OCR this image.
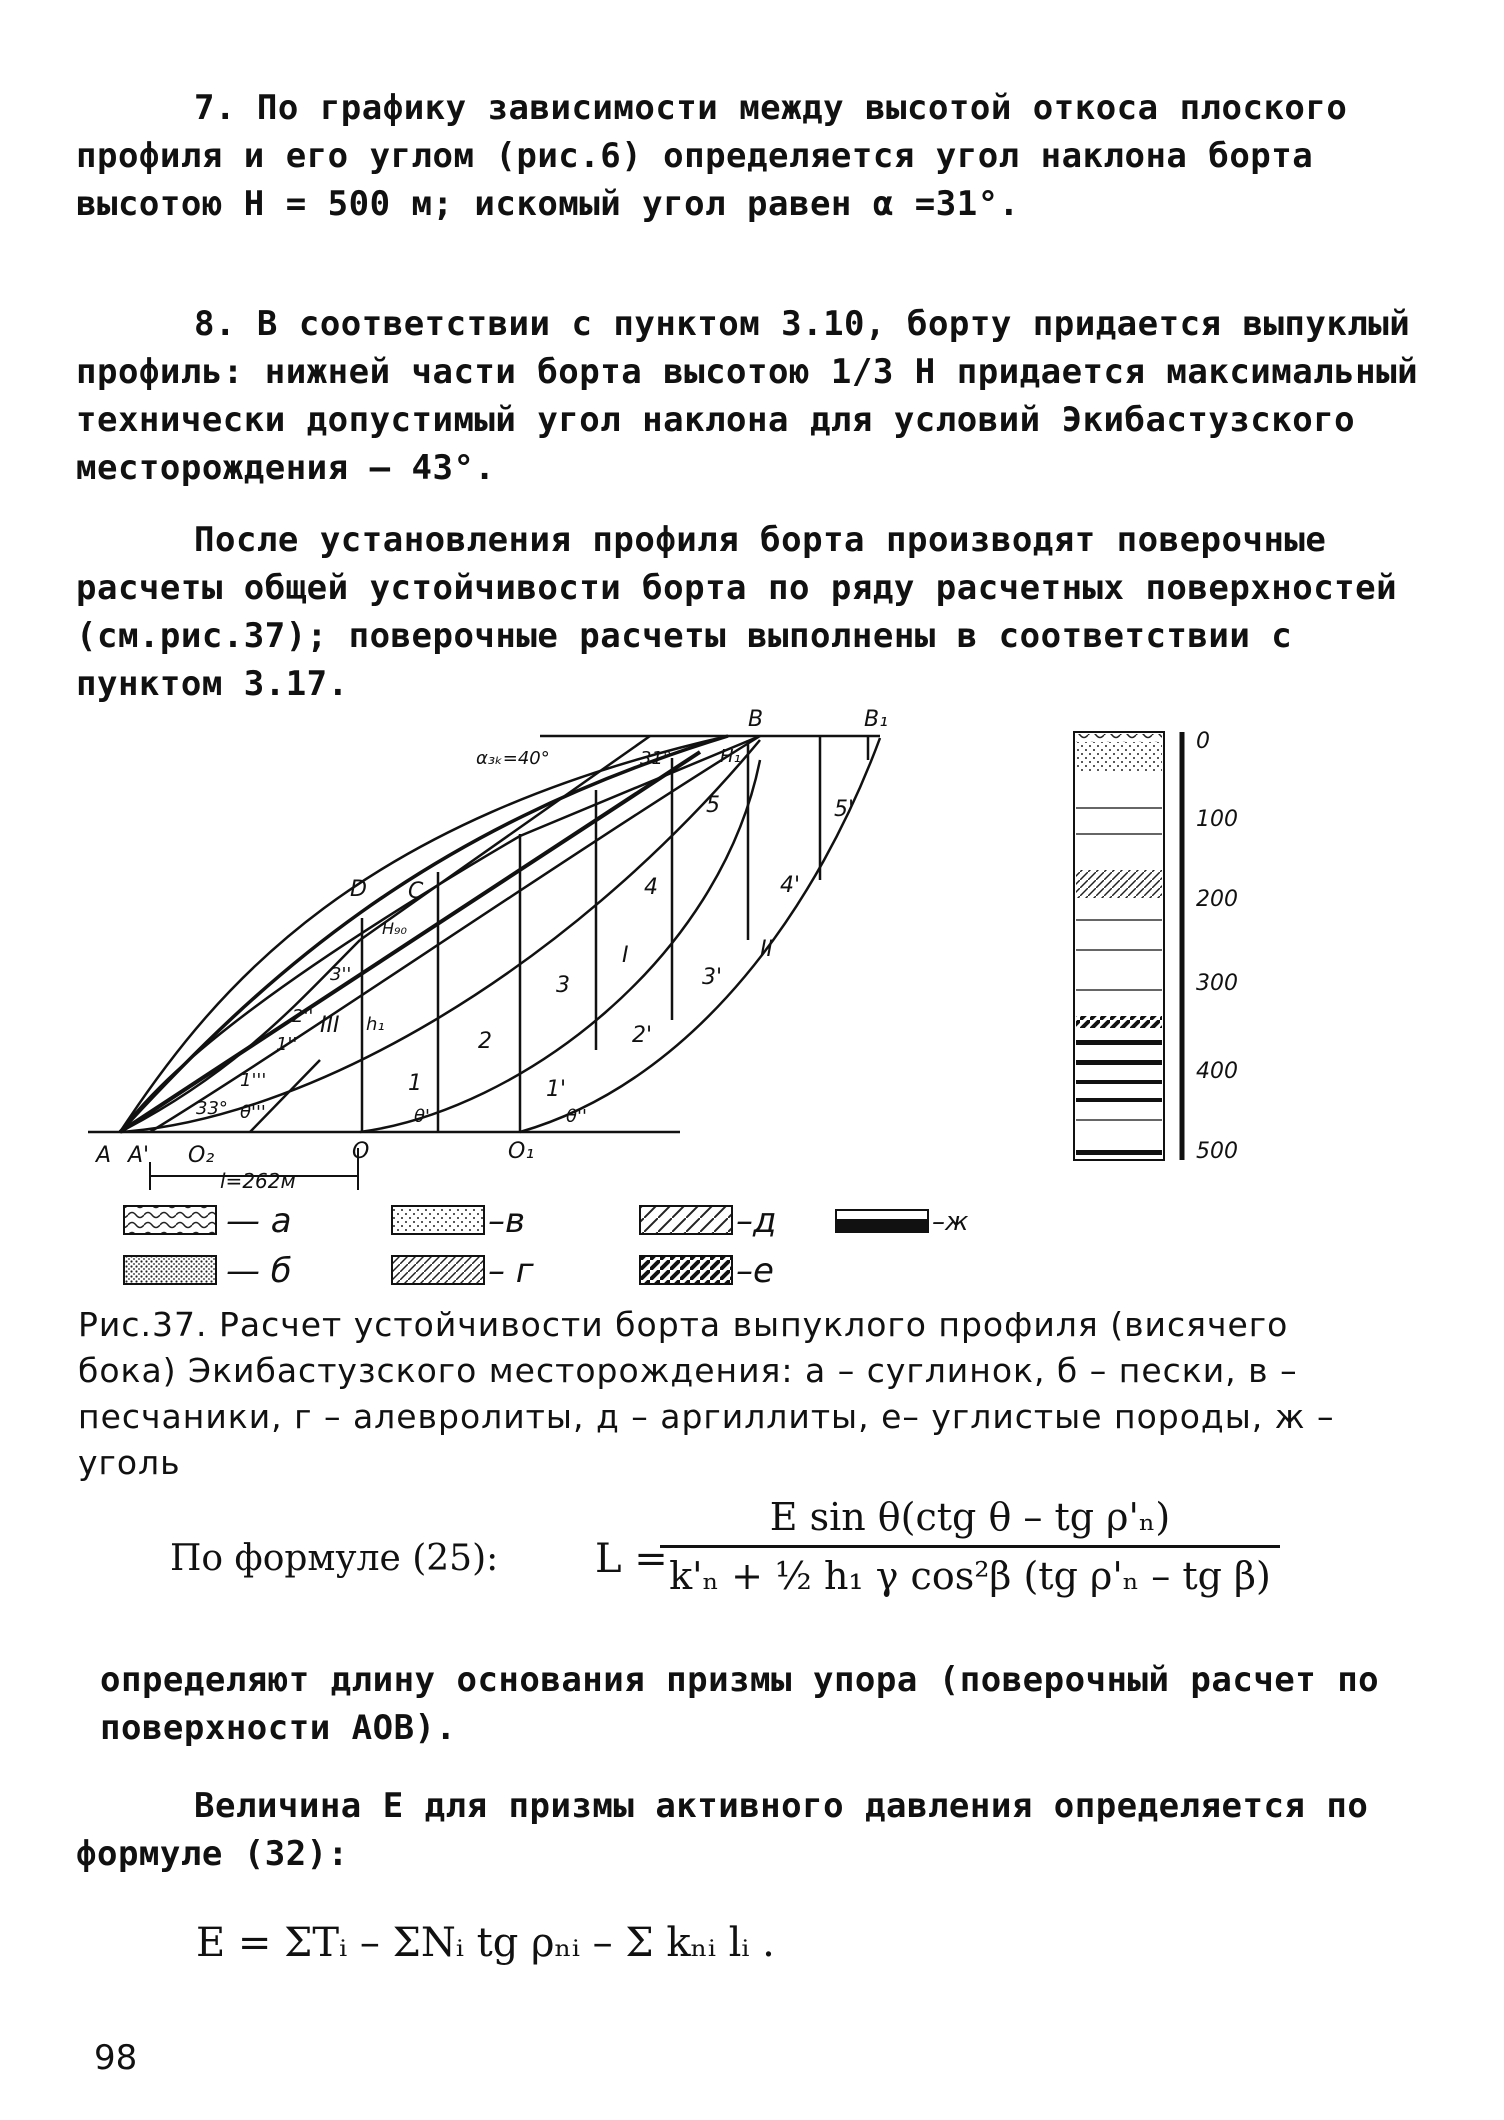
7. По графику зависимости между высотой откоса плоского профиля и его углом (рис.6) определяется угол наклона борта высотою Н = 500 м; искомый угол равен α =31°.

8. В соответствии с пунктом 3.10, борту придается выпуклый профиль: нижней части борта высотою 1/3 Н придается максимальный технически допустимый угол наклона для условий Экибастузского месторождения – 43°.

После установления профиля борта производят поверочные расчеты общей устойчивости борта по ряду расчетных поверхностей (см.рис.37); поверочные расчеты выполнены в соответствии с пунктом 3.17.

A A' O₂	O	O₁
B	B₁
D C
H₉₀
H₁
II
III
I
h₁
α₃ₖ=40°	31°
33°	θ'
θ'''	θ''
1
2
3
4
5
1'
2'
3'
4'
5'
1''
2''
3''
1'''
l=262м
0
100
200
300
400
500
— а
— б
–в
– г
–д
–е
–ж
Рис.37. Расчет устойчивости борта выпуклого профиля (висячего бока) Экибастузского месторождения: а – суглинок, б – пески, в – песчаники, г – алевролиты, д – аргиллиты, е– углистые породы, ж – уголь
По формуле (25): L =
E sin θ(ctg θ – tg ρ'ₙ)
k'ₙ + ½ h₁ γ cos²β (tg ρ'ₙ – tg β)

определяют длину основания призмы упора (поверочный расчет по поверхности АОВ).

Величина Е для призмы активного давления определяется по формуле (32):

E = ΣTᵢ – ΣNᵢ tg ρₙᵢ – Σ kₙᵢ lᵢ .
98
